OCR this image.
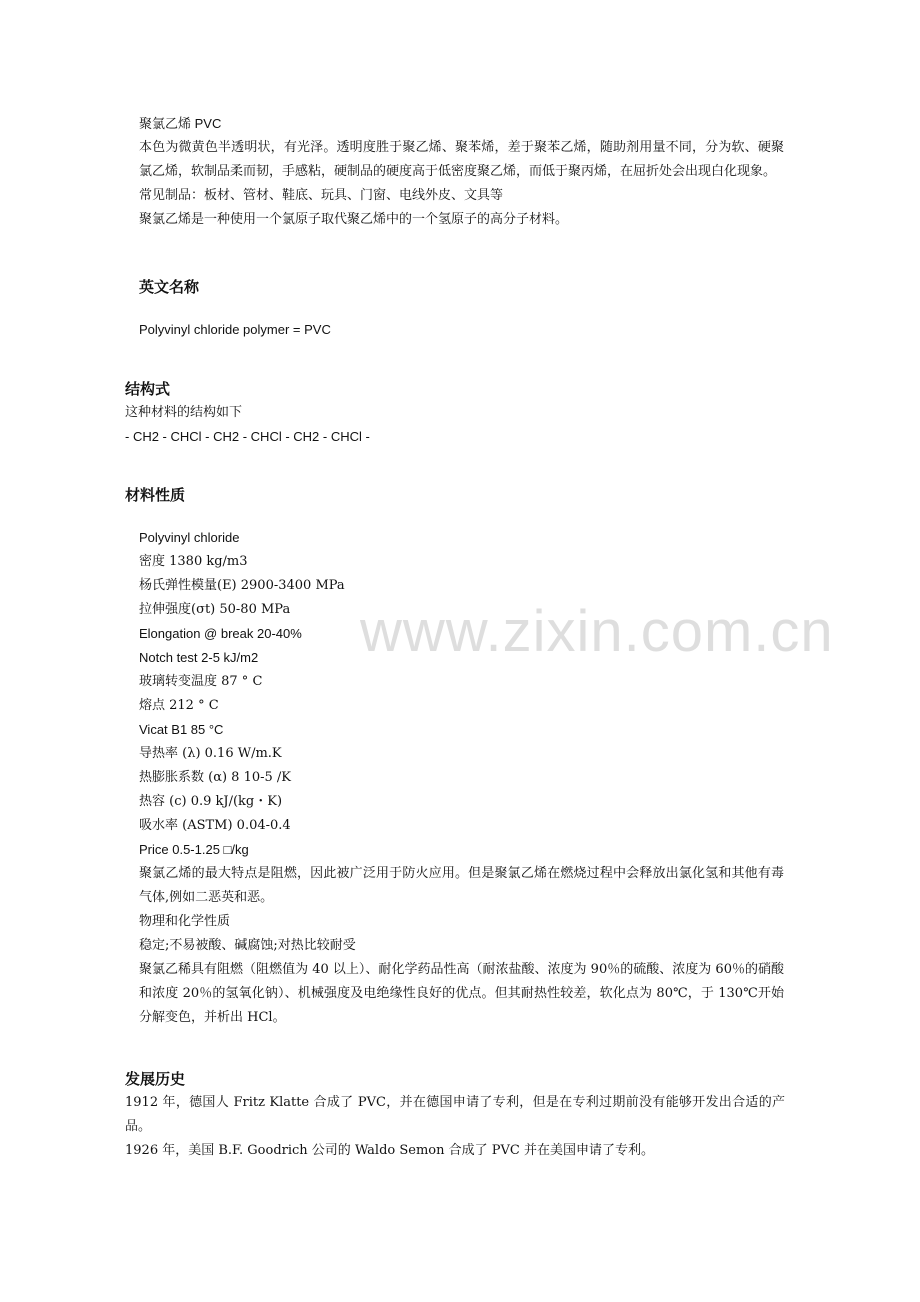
www.zixin.com.cn
聚氯乙烯 PVC
本色为微黄色半透明状，有光泽。透明度胜于聚乙烯、聚苯烯，差于聚苯乙烯，随助剂用量不同，分为软、硬聚氯乙烯，软制品柔而韧，手感粘，硬制品的硬度高于低密度聚乙烯，而低于聚丙烯，在屈折处会出现白化现象。
常见制品：板材、管材、鞋底、玩具、门窗、电线外皮、文具等
聚氯乙烯是一种使用一个氯原子取代聚乙烯中的一个氢原子的高分子材料。
英文名称
Polyvinyl chloride polymer = PVC
结构式
这种材料的结构如下
- CH2 - CHCl - CH2 - CHCl - CH2 - CHCl -
材料性质
Polyvinyl chloride
密度 1380 kg/m3
杨氏弹性模量(E) 2900-3400 MPa
拉伸强度(σt) 50-80 MPa
Elongation @ break 20-40%
Notch test 2-5 kJ/m2
玻璃转变温度 87 ° C
熔点 212 ° C
Vicat B1 85 °C
导热率 (λ) 0.16 W/m.K
热膨胀系数 (α) 8 10-5 /K
热容 (c) 0.9 kJ/(kg・K)
吸水率 (ASTM) 0.04-0.4
Price 0.5-1.25 □/kg
聚氯乙烯的最大特点是阻燃，因此被广泛用于防火应用。但是聚氯乙烯在燃烧过程中会释放出氯化氢和其他有毒气体,例如二恶英和恶。
物理和化学性质
稳定;不易被酸、碱腐蚀;对热比较耐受
聚氯乙稀具有阻燃（阻燃值为 40 以上）、耐化学药品性高（耐浓盐酸、浓度为 90％的硫酸、浓度为 60％的硝酸和浓度 20％的氢氧化钠）、机械强度及电绝缘性良好的优点。但其耐热性较差，软化点为 80℃，于 130℃开始分解变色，并析出 HCl。
发展历史
1912 年，德国人 Fritz Klatte 合成了 PVC，并在德国申请了专利，但是在专利过期前没有能够开发出合适的产品。
1926 年，美国 B.F. Goodrich 公司的 Waldo Semon 合成了 PVC 并在美国申请了专利。
